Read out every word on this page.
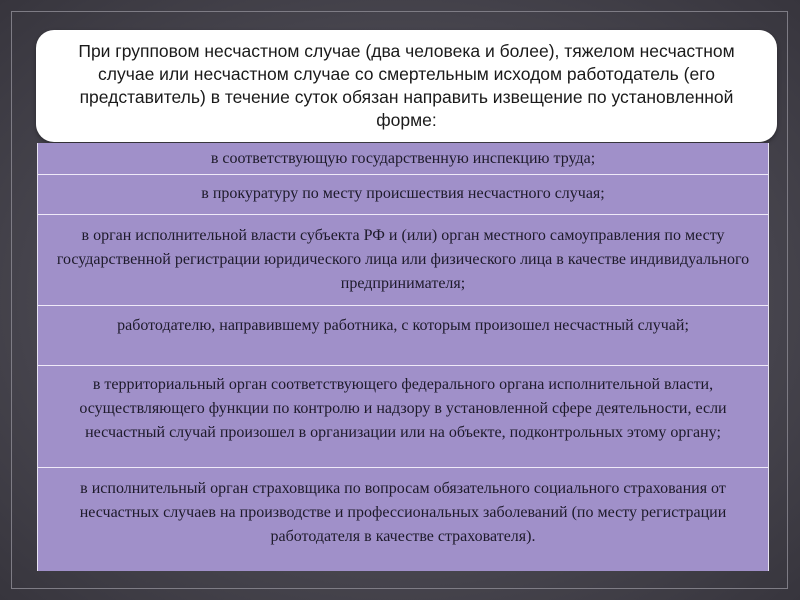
При групповом несчастном случае (два человека и более), тяжелом несчастном случае или несчастном случае со смертельным исходом работодатель (его представитель) в течение суток обязан направить извещение по установленной форме:

в соответствующую государственную инспекцию труда;
в прокуратуру по месту происшествия несчастного случая;
в орган исполнительной власти субъекта РФ и (или) орган местного самоуправления по месту государственной регистрации юридического лица или физического лица в качестве индивидуального предпринимателя;
работодателю, направившему работника, с которым произошел несчастный случай;
в территориальный орган соответствующего федерального органа исполнительной власти, осуществляющего функции по контролю и надзору в установленной сфере деятельности, если несчастный случай произошел в организации или на объекте, подконтрольных этому органу;
в исполнительный орган страховщика по вопросам обязательного социального страхования от несчастных случаев на производстве и профессиональных заболеваний (по месту регистрации работодателя в качестве страхователя).
